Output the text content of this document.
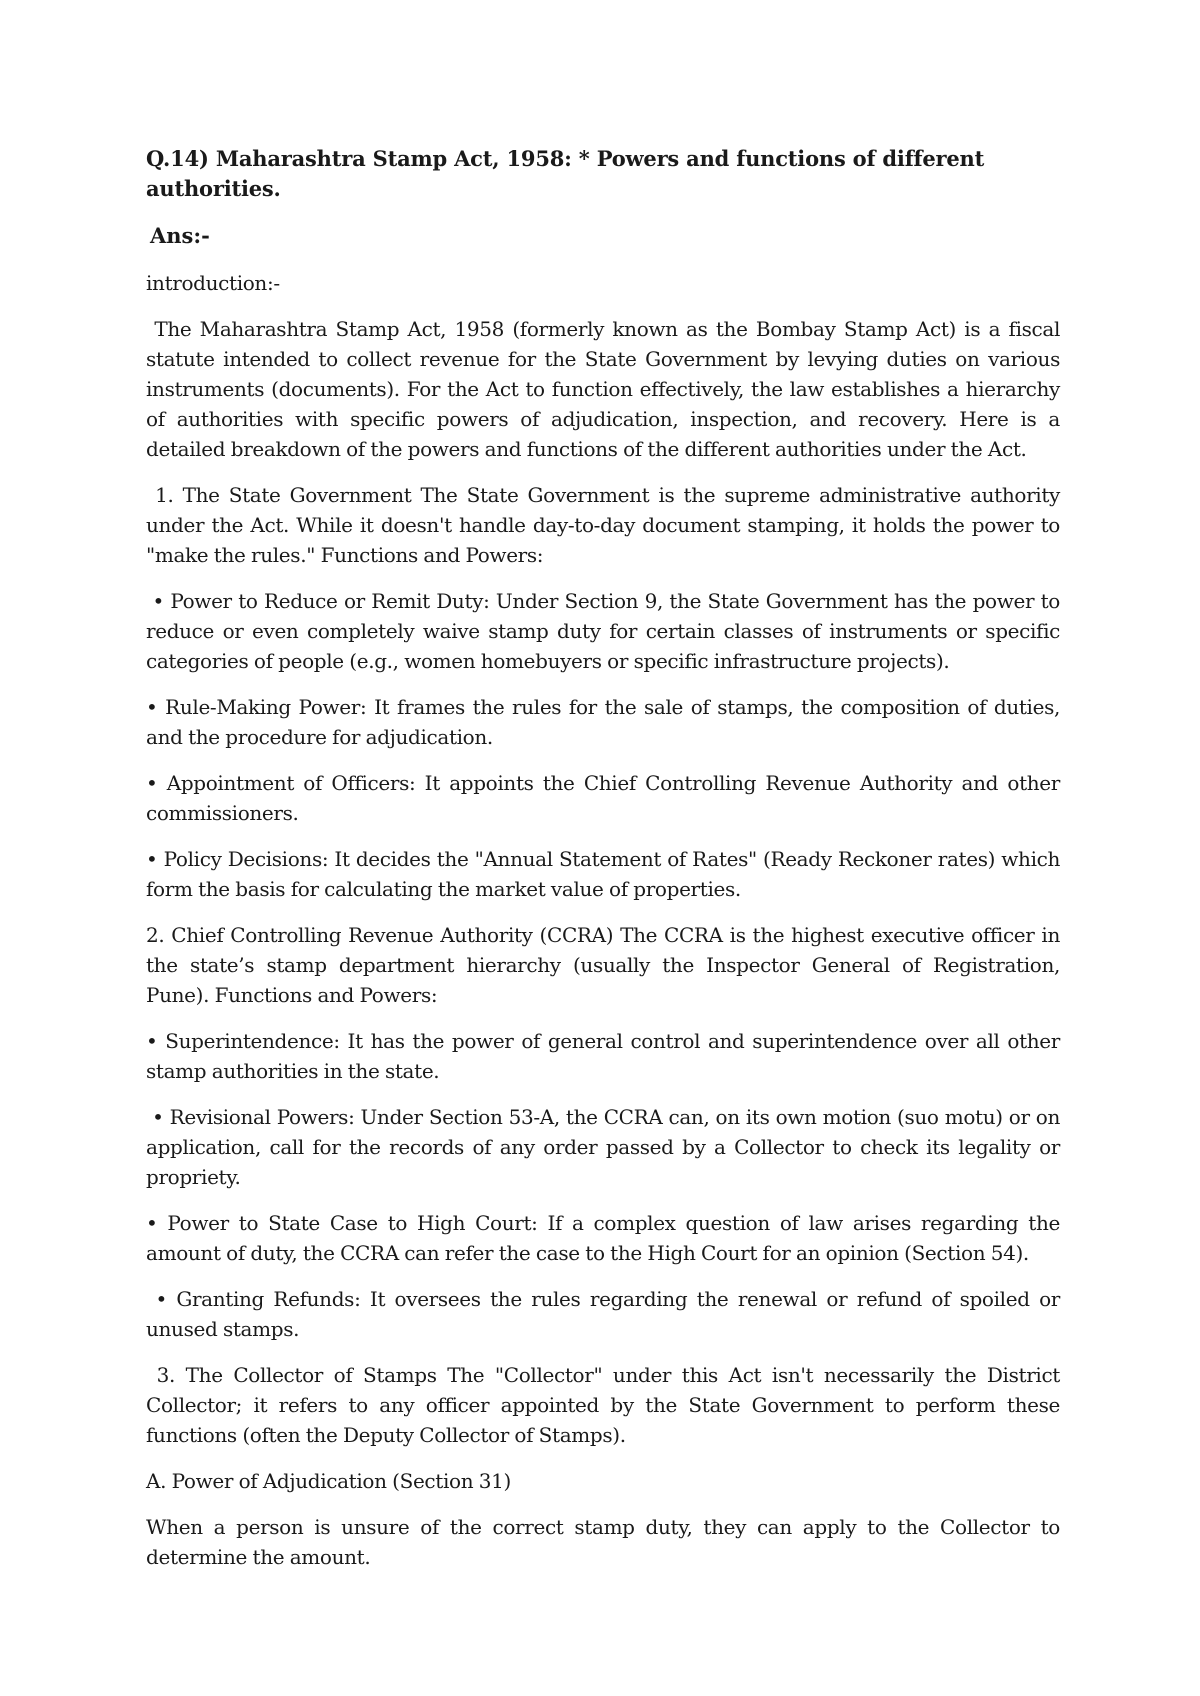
Q.14) Maharashtra Stamp Act, 1958: * Powers and functions of different authorities.
Ans:-

introduction:-

The Maharashtra Stamp Act, 1958 (formerly known as the Bombay Stamp Act) is a fiscal statute intended to collect revenue for the State Government by levying duties on various instruments (documents). For the Act to function effectively, the law establishes a hierarchy of authorities with specific powers of adjudication, inspection, and recovery. Here is a detailed breakdown of the powers and functions of the different authorities under the Act.

1. The State Government The State Government is the supreme administrative authority under the Act. While it doesn't handle day-to-day document stamping, it holds the power to "make the rules." Functions and Powers:

• Power to Reduce or Remit Duty: Under Section 9, the State Government has the power to reduce or even completely waive stamp duty for certain classes of instruments or specific categories of people (e.g., women homebuyers or specific infrastructure projects).

• Rule-Making Power: It frames the rules for the sale of stamps, the composition of duties, and the procedure for adjudication.

• Appointment of Officers: It appoints the Chief Controlling Revenue Authority and other commissioners.

• Policy Decisions: It decides the "Annual Statement of Rates" (Ready Reckoner rates) which form the basis for calculating the market value of properties.

2. Chief Controlling Revenue Authority (CCRA) The CCRA is the highest executive officer in the state’s stamp department hierarchy (usually the Inspector General of Registration, Pune). Functions and Powers:

• Superintendence: It has the power of general control and superintendence over all other stamp authorities in the state.

• Revisional Powers: Under Section 53-A, the CCRA can, on its own motion (suo motu) or on application, call for the records of any order passed by a Collector to check its legality or propriety.

• Power to State Case to High Court: If a complex question of law arises regarding the amount of duty, the CCRA can refer the case to the High Court for an opinion (Section 54).

• Granting Refunds: It oversees the rules regarding the renewal or refund of spoiled or unused stamps.

3. The Collector of Stamps The "Collector" under this Act isn't necessarily the District Collector; it refers to any officer appointed by the State Government to perform these functions (often the Deputy Collector of Stamps).

A. Power of Adjudication (Section 31)

When a person is unsure of the correct stamp duty, they can apply to the Collector to determine the amount.
